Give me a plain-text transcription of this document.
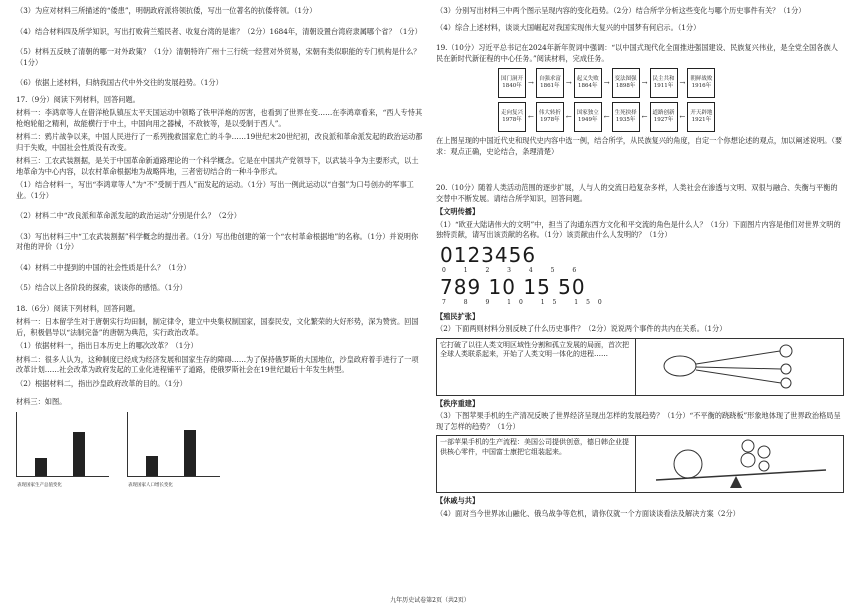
（3）为应对材料三所描述的“倭患”，明朝政府派将领抗倭，写出一位著名的抗倭将领。（1分）

（4）结合材料四及所学知识，写出打败荷兰殖民者、收复台湾的是谁？（2分）1684年，清朝设置台湾府隶属哪个省？（1分）

（5）材料五反映了清朝的哪一对外政策？（1分）清朝特许广州十三行统一经营对外贸易，宋朝有类似职能的专门机构是什么？（1分）

（6）依据上述材料，归纳我国古代中外交往的发展趋势。（1分）

17.（9分）阅读下列材料，回答问题。

材料一：李鸿章等人在借洋枪队镇压太平天国运动中领略了铁甲洋炮的厉害，也看到了世界在变……在李鸿章看来，“西人专恃其枪炮轮船之精利，故能横行于中土，中国向用之器械，不敌彼等，是以受制于西人”。

材料二：鸦片战争以来，中国人民进行了一系列挽救国家危亡的斗争……19世纪末20世纪初，改良派和革命派发起的政治运动都归于失败，中国社会性质没有改变。

材料三：工农武装割据，是关于中国革命新道路理论的一个科学概念。它是在中国共产党领导下，以武装斗争为主要形式，以土地革命为中心内容，以农村革命根据地为战略阵地，三者密切结合的一种斗争形式。

（1）结合材料一，写出“李鸿章等人”为“不”受制于西人”而发起的运动。（1分）写出一例此运动以“自强”为口号创办的军事工业。（1分）

（2）材料二中“改良派和革命派发起的政治运动”分别是什么？（2分）

（3）写出材料三中“工农武装割据”科学概念的提出者。（1分）写出他创建的第一个“农村革命根据地”的名称。（1分）并说明你对他的评价（1分）

（4）材料二中提到的中国的社会性质是什么？（1分）

（5）结合以上各阶段的探索，谈谈你的感悟。（1分）

18.（6分）阅读下列材料，回答问题。

材料一：日本留学生对于唐朝实行均田制，制定律令，建立中央集权制国家，国泰民安，文化繁荣的大好形势，深为赞赏。回国后，积极倡导以“法制完备”的唐朝为典范，实行政治改革。

（1）依据材料一，指出日本历史上的哪次改革？（1分）

材料二：很多人认为，这种制度已经成为经济发展和国家生存的障碍……为了保持俄罗斯的大国地位，沙皇政府着手进行了一项改革计划……社会改革为政府发起的工业化进程铺平了道路，使俄罗斯社会在19世纪最后十年发生转型。

（2）根据材料二，指出沙皇政府改革的目的。（1分）

材料三：如图。

表现国家生产总值变化	表现国家人口增长变化

（3）分别写出材料三中两个图示呈现内容的变化趋势。（2分）结合所学分析这些变化与哪个历史事件有关？（1分）

（4）综合上述材料，谈谈大国崛起对我国实现伟大复兴的中国梦有何启示。（1分）

19.（10分）习近平总书记在2024年新年贺词中强调：“以中国式现代化全面推进强国建设、民族复兴伟业，是全党全国各族人民在新时代新征程的中心任务。”阅读材料，完成任务。

国门洞开 1840年 → 自强求富 1861年 → 起义失败 1864年 → 变法图强 1898年 → 民主共和 1911年 → 朝鲜战败 1916年
走向复兴 1978年 ← 伟大转折 1978年 ← 国家独立 1949年 ← 生死抉择 1935年 ← 道路创新 1927年 ← 开天辟地 1921年

在上图呈现的中国近代史和现代史内容中选一例，结合所学，从民族复兴的角度，自定一个你想论述的观点，加以阐述说明。（要求：观点正确，史论结合，条理清楚）

20.（10分）随着人类活动范围的逐步扩展，人与人的交流日趋复杂多样，人类社会在渗透与文明、双很与融合、失衡与平衡的交替中不断发展。请结合所学知识，回答问题。

【文明传播】

（1）“欧亚大陆诸伟大的文明”中，担当了沟通东西方文化和平交流的角色是什么人？（1分）下面图片内容是他们对世界文明的独特贡献，请写出该贡献的名称。（1分）该贡献由什么人发明的？（1分）

0123456
0 1 2 3 4 5 6
789 10 15 50
7 8 9 10 15 150

【殖民扩张】

（2）下面两则材料分别反映了什么历史事件？（2分）说说两个事件的共内在关系。（1分）

它打破了以往人类文明区域性分割和孤立发展的局面，首次把全球人类联系起来，开始了人类文明一体化的进程……

【秩序重建】

（3）下图苹果手机的生产清况反映了世界经济呈现出怎样的发展趋势？（1分）“不平衡的跷跷板”形象地体现了世界政治格局呈现了怎样的趋势？（1分）

一部苹果手机的生产流程：美国公司提供创意，德日韩企业提供核心零件，中国富士康把它组装起来。

【休戚与共】

（4）面对当今世界冰山融化、俄乌战争等危机，请你仅就一个方面谈谈看法及解决方案（2分）

九年历史试卷第2页（共2页）
